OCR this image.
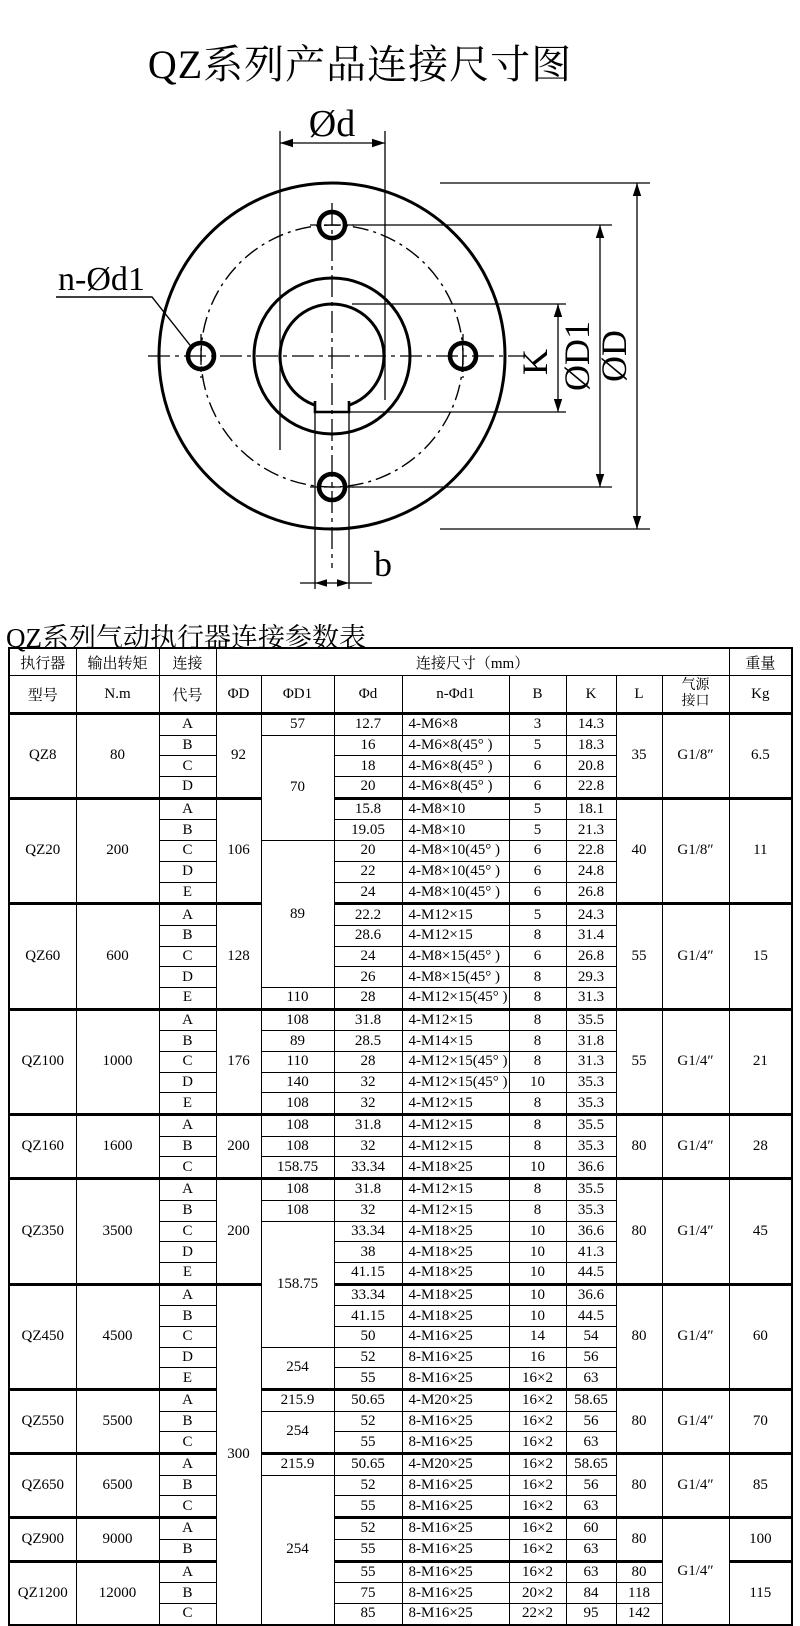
QZ系列产品连接尺寸图
Ød
n-Ød1
K ØD1
ØD
b
QZ系列气动执行器连接参数表
执行器	输出转矩	连接	连接尺寸（mm）								重量
型号	N.m	代号	ΦD	ΦD1	Φd	n-Φd1	B	K	L	气源接口	Kg
QZ8	80	A	92	57	12.7	4-M6×8	3	14.3	35	G1/8″	6.5
		B		70	16	4-M6×8(45° )	5	18.3			
		C			18	4-M6×8(45° )	6	20.8			
		D			20	4-M6×8(45° )	6	22.8			
QZ20	200	A	106		15.8	4-M8×10	5	18.1	40	G1/8″	11
		B			19.05	4-M8×10	5	21.3			
		C		89	20	4-M8×10(45° )	6	22.8			
		D			22	4-M8×10(45° )	6	24.8			
		E			24	4-M8×10(45° )	6	26.8			
QZ60	600	A	128		22.2	4-M12×15	5	24.3	55	G1/4″	15
		B			28.6	4-M12×15	8	31.4			
		C			24	4-M8×15(45° )	6	26.8			
		D			26	4-M8×15(45° )	8	29.3			
		E		110	28	4-M12×15(45° )	8	31.3			
QZ100	1000	A	176	108	31.8	4-M12×15	8	35.5	55	G1/4″	21
		B		89	28.5	4-M14×15	8	31.8			
		C		110	28	4-M12×15(45° )	8	31.3			
		D		140	32	4-M12×15(45° )	10	35.3			
		E		108	32	4-M12×15	8	35.3			
QZ160	1600	A	200	108	31.8	4-M12×15	8	35.5	80	G1/4″	28
		B		108	32	4-M12×15	8	35.3			
		C		158.75	33.34	4-M18×25	10	36.6			
QZ350	3500	A	200	108	31.8	4-M12×15	8	35.5	80	G1/4″	45
		B		108	32	4-M12×15	8	35.3			
		C		158.75	33.34	4-M18×25	10	36.6			
		D			38	4-M18×25	10	41.3			
		E			41.15	4-M18×25	10	44.5			
QZ450	4500	A	300		33.34	4-M18×25	10	36.6	80	G1/4″	60
		B			41.15	4-M18×25	10	44.5			
		C			50	4-M16×25	14	54			
		D		254	52	8-M16×25	16	56			
		E			55	8-M16×25	16×2	63			
QZ550	5500	A		215.9	50.65	4-M20×25	16×2	58.65	80	G1/4″	70
		B		254	52	8-M16×25	16×2	56			
		C			55	8-M16×25	16×2	63			
QZ650	6500	A		215.9	50.65	4-M20×25	16×2	58.65	80	G1/4″	85
		B		254	52	8-M16×25	16×2	56			
		C			55	8-M16×25	16×2	63			
QZ900	9000	A			52	8-M16×25	16×2	60	80	G1/4″	100
		B			55	8-M16×25	16×2	63			
QZ1200	12000	A			55	8-M16×25	16×2	63	80		115
		B			75	8-M16×25	20×2	84	118		
		C			85	8-M16×25	22×2	95	142		
